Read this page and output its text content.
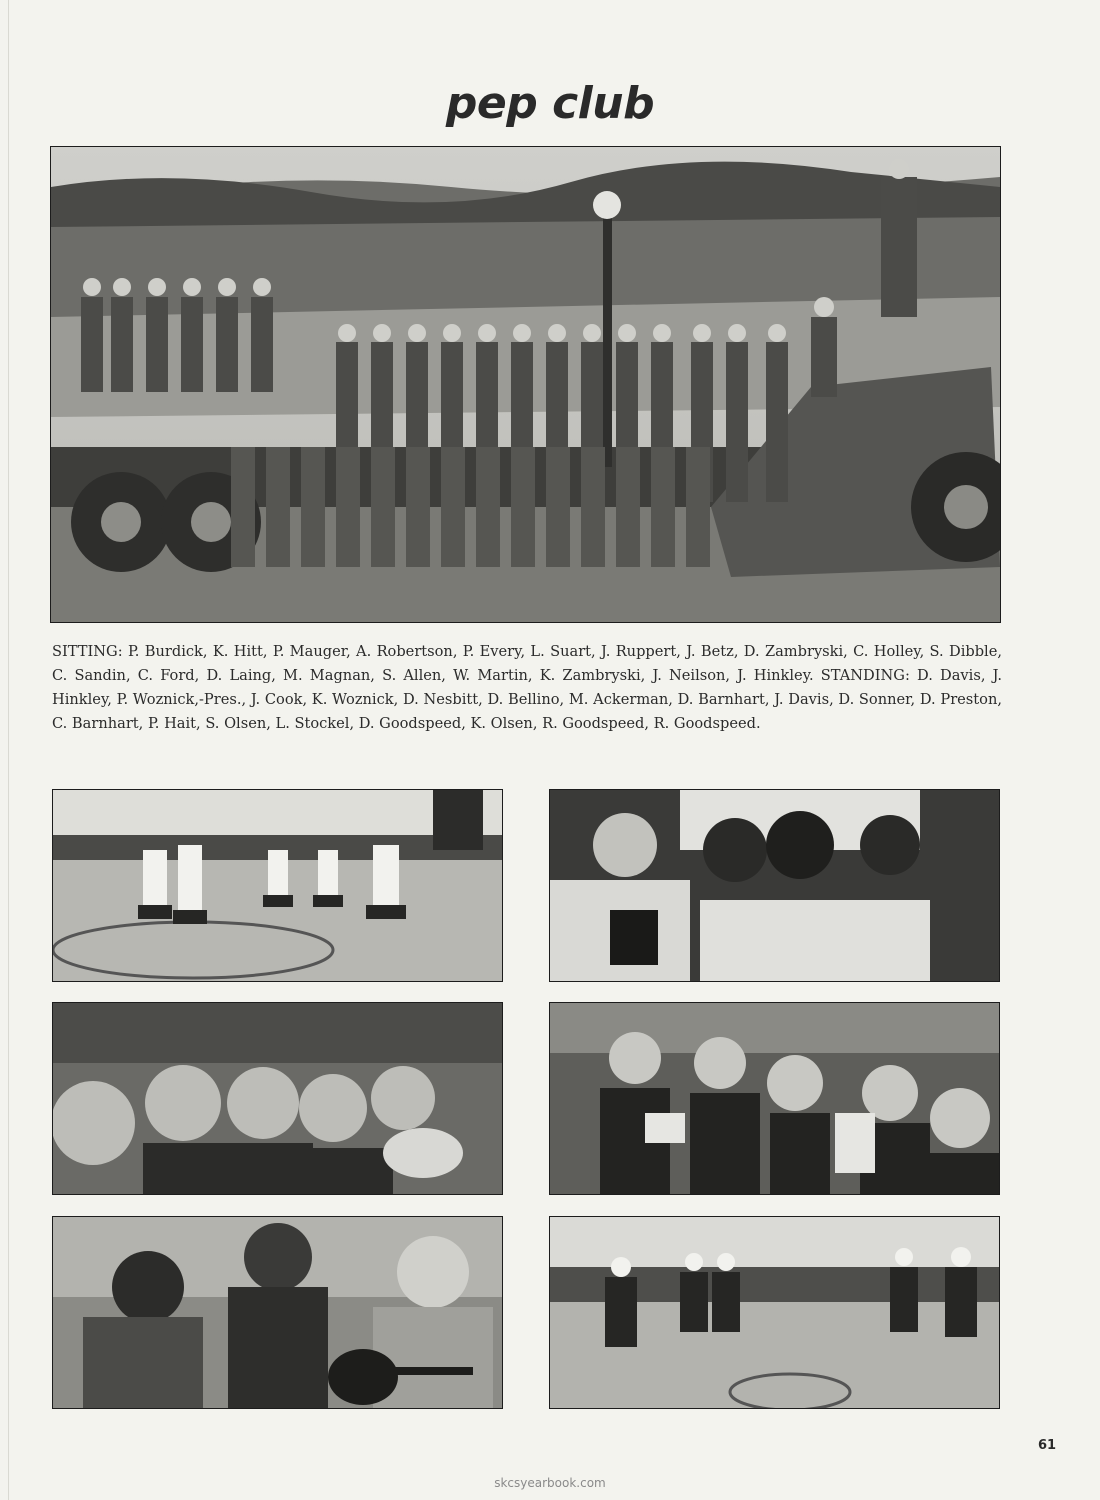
pep club

SITTING: P. Burdick, K. Hitt, P. Mauger, A. Robertson, P. Every, L. Suart, J. Ruppert, J. Betz, D. Zambryski, C. Holley, S. Dibble, C. Sandin, C. Ford, D. Laing, M. Magnan, S. Allen, W. Martin, K. Zambryski, J. Neilson, J. Hinkley. STANDING: D. Davis, J. Hinkley, P. Woznick,-Pres., J. Cook, K. Woznick, D. Nesbitt, D. Bellino, M. Ackerman, D. Barnhart, J. Davis, D. Sonner, D. Preston, C. Barnhart, P. Hait, S. Olsen, L. Stockel, D. Goodspeed, K. Olsen, R. Goodspeed, R. Goodspeed.

61
skcsyearbook.com
